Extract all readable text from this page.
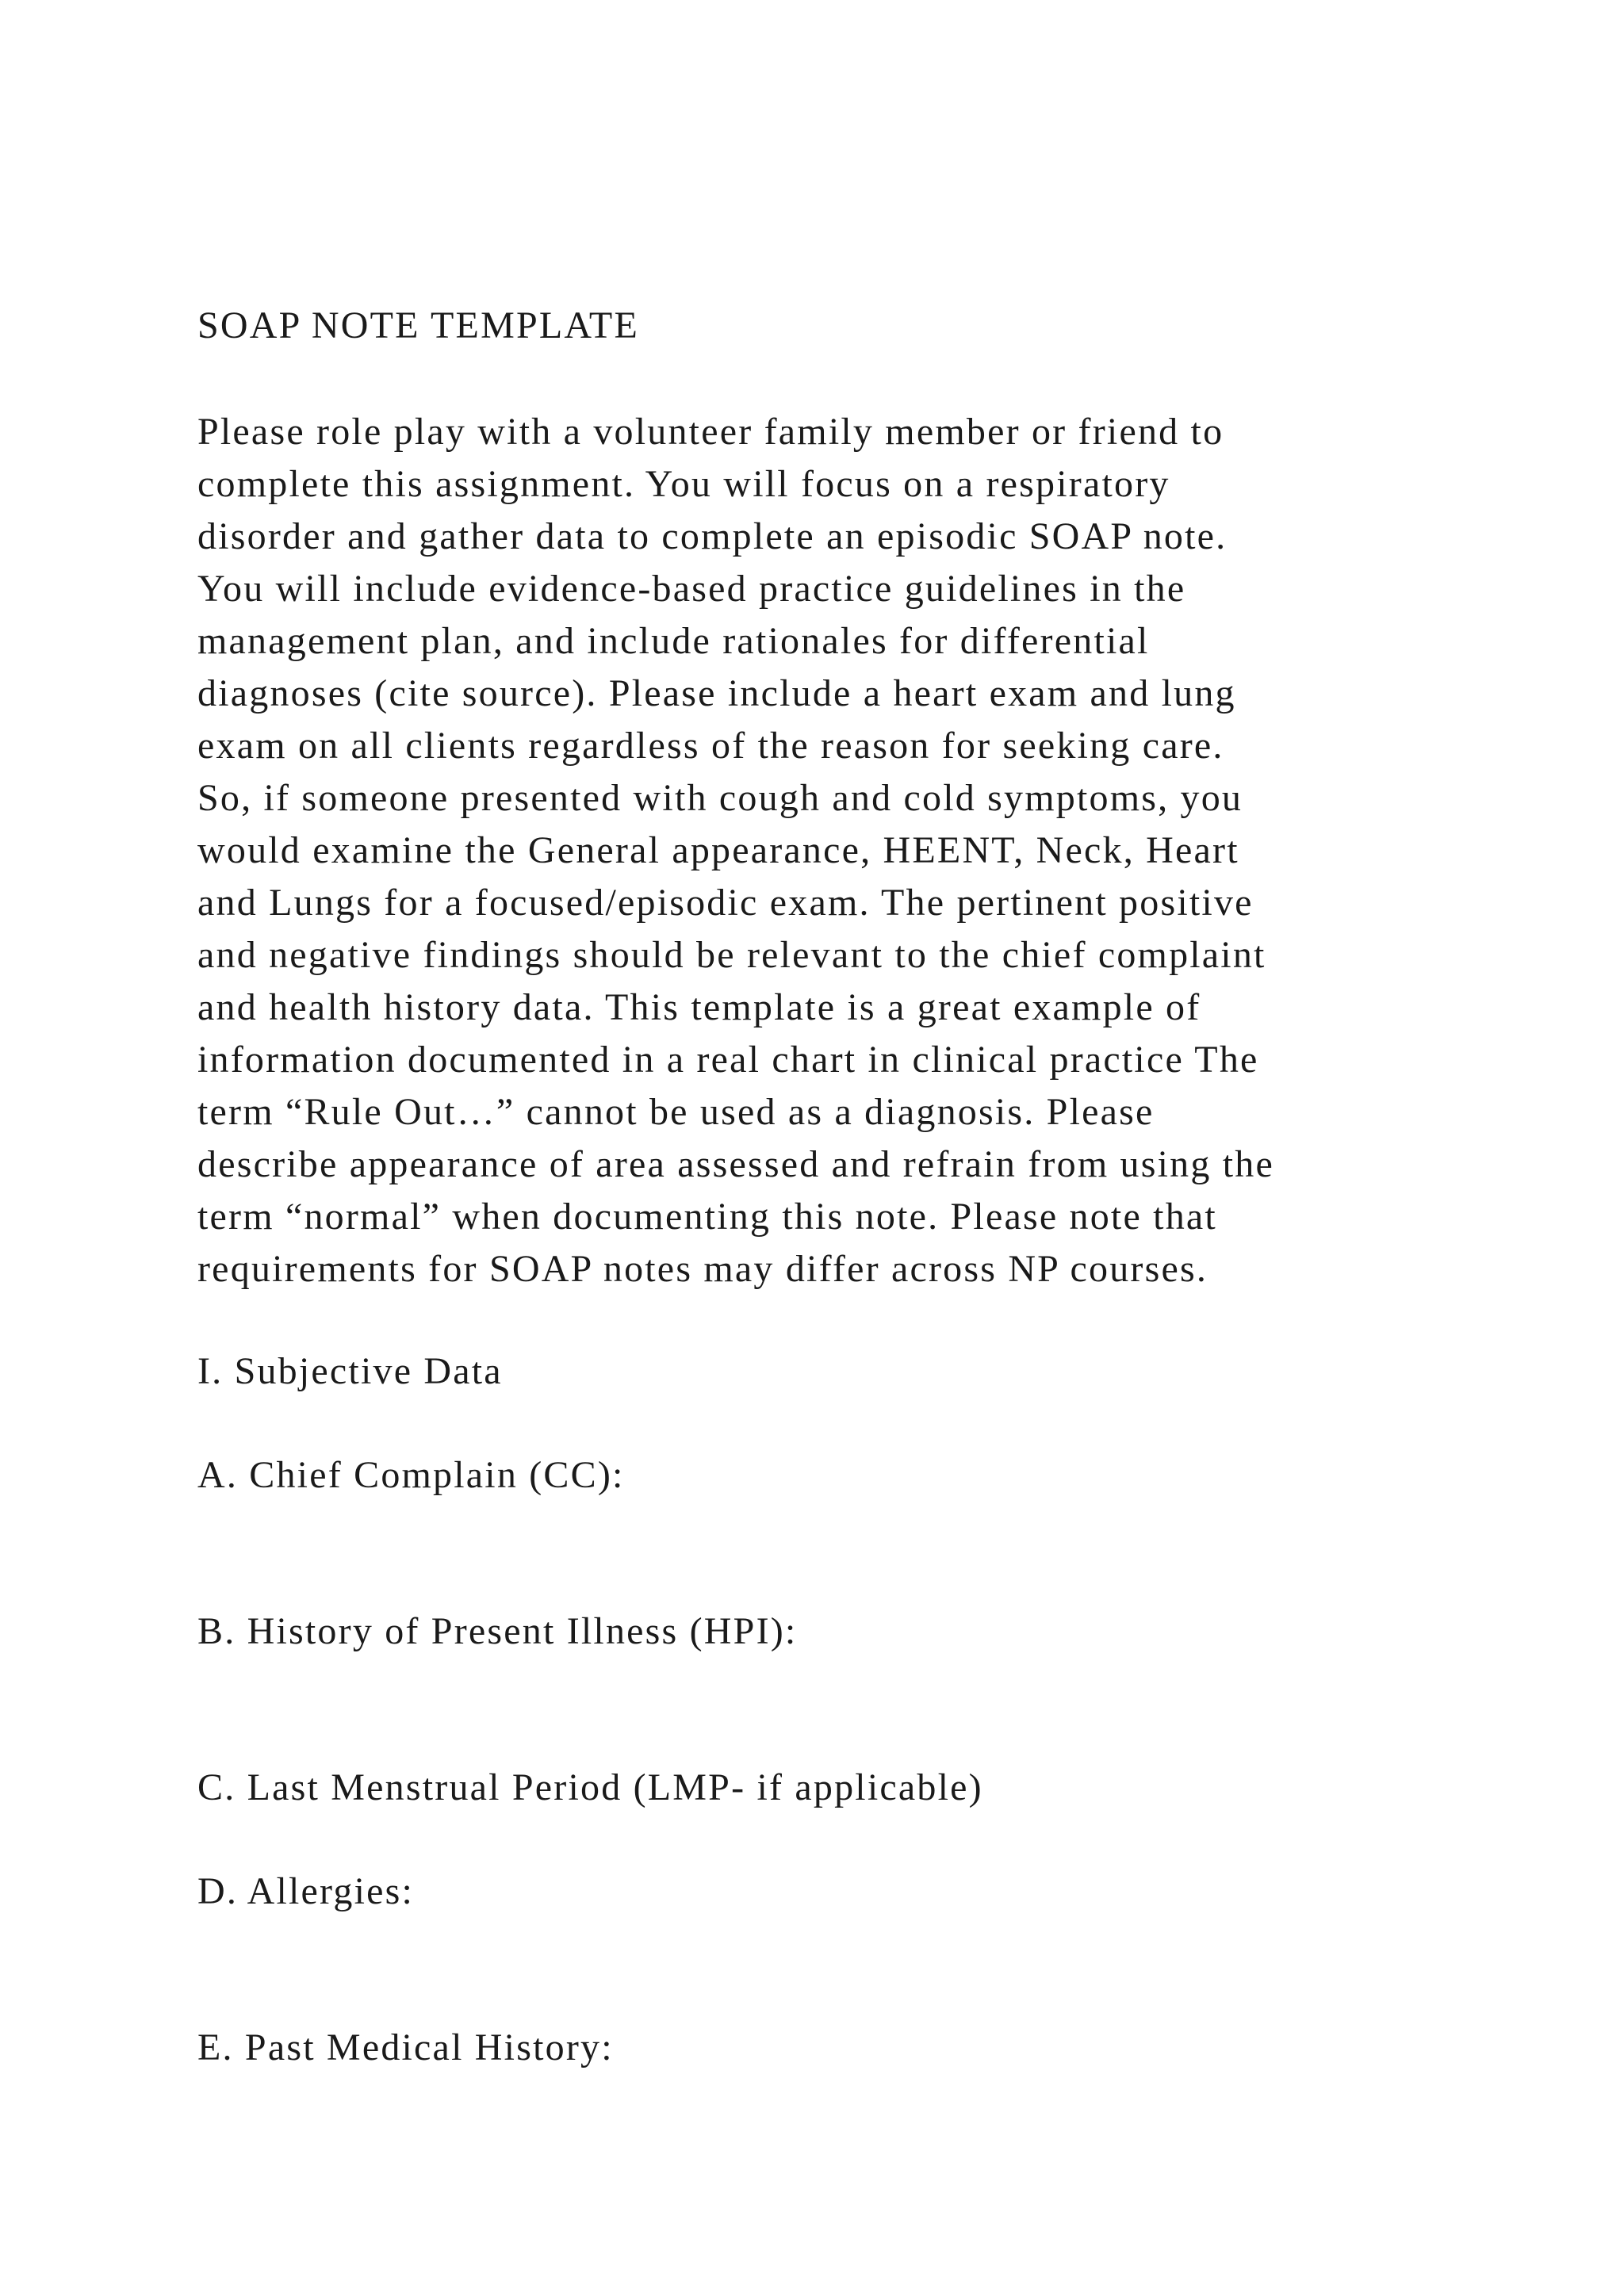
SOAP NOTE TEMPLATE

Please role play with a volunteer family member or friend to
complete this assignment. You will focus on a respiratory
disorder and gather data to complete an episodic SOAP note.
You will include evidence-based practice guidelines in the
management plan, and include rationales for differential
diagnoses (cite source). Please include a heart exam and lung
exam on all clients regardless of the reason for seeking care.
So, if someone presented with cough and cold symptoms, you
would examine the General appearance, HEENT, Neck, Heart
and Lungs for a focused/episodic exam. The pertinent positive
and negative findings should be relevant to the chief complaint
and health history data. This template is a great example of
information documented in a real chart in clinical practice The
term “Rule Out…” cannot be used as a diagnosis. Please
describe appearance of area assessed and refrain from using the
term “normal” when documenting this note. Please note that
requirements for SOAP notes may differ across NP courses.

I. Subjective Data

A. Chief Complain (CC):

B. History of Present Illness (HPI):

C. Last Menstrual Period (LMP- if applicable)

D. Allergies:

E. Past Medical History:
